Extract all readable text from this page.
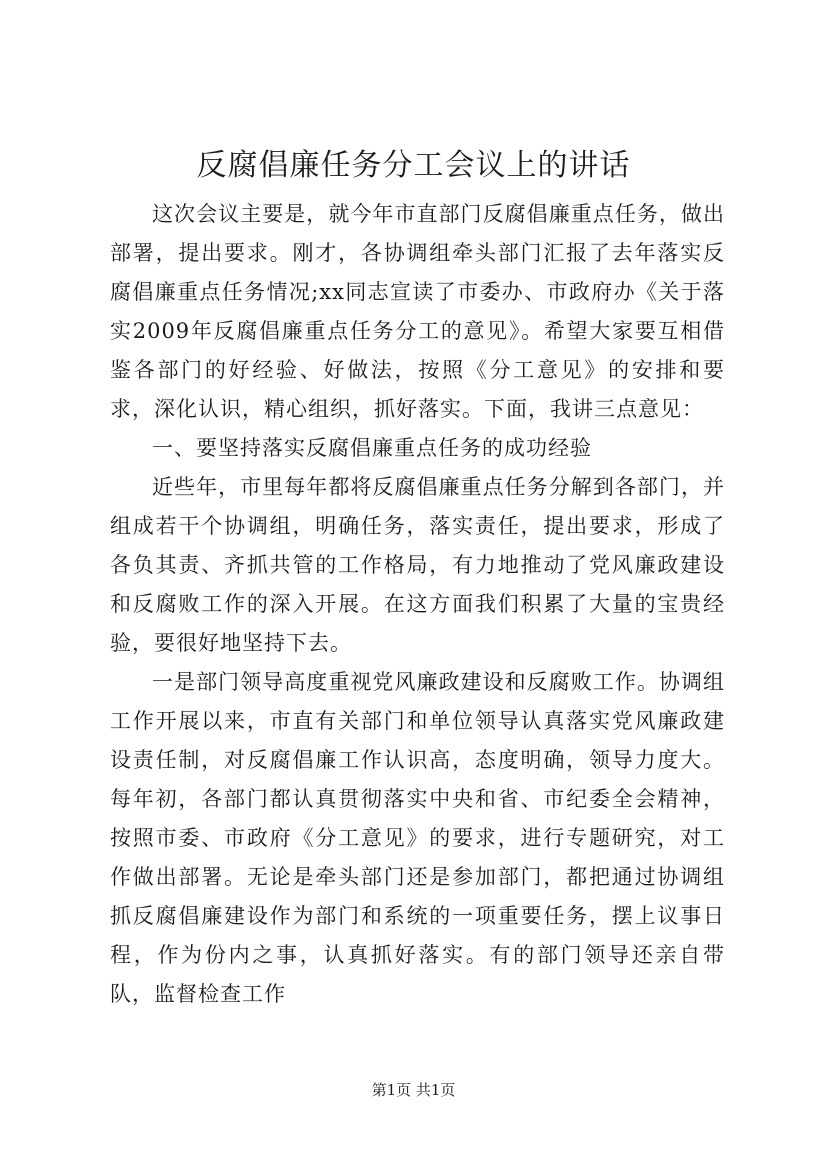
反腐倡廉任务分工会议上的讲话

这次会议主要是，就今年市直部门反腐倡廉重点任务，做出部署，提出要求。刚才，各协调组牵头部门汇报了去年落实反腐倡廉重点任务情况;xx同志宣读了市委办、市政府办《关于落实2009年反腐倡廉重点任务分工的意见》。希望大家要互相借鉴各部门的好经验、好做法，按照《分工意见》的安排和要求，深化认识，精心组织，抓好落实。下面，我讲三点意见：

一、要坚持落实反腐倡廉重点任务的成功经验

近些年，市里每年都将反腐倡廉重点任务分解到各部门，并组成若干个协调组，明确任务，落实责任，提出要求，形成了各负其责、齐抓共管的工作格局，有力地推动了党风廉政建设和反腐败工作的深入开展。在这方面我们积累了大量的宝贵经验，要很好地坚持下去。

一是部门领导高度重视党风廉政建设和反腐败工作。协调组工作开展以来，市直有关部门和单位领导认真落实党风廉政建设责任制，对反腐倡廉工作认识高，态度明确，领导力度大。每年初，各部门都认真贯彻落实中央和省、市纪委全会精神，按照市委、市政府《分工意见》的要求，进行专题研究，对工作做出部署。无论是牵头部门还是参加部门，都把通过协调组抓反腐倡廉建设作为部门和系统的一项重要任务，摆上议事日程，作为份内之事，认真抓好落实。有的部门领导还亲自带队，监督检查工作

第1页 共1页
